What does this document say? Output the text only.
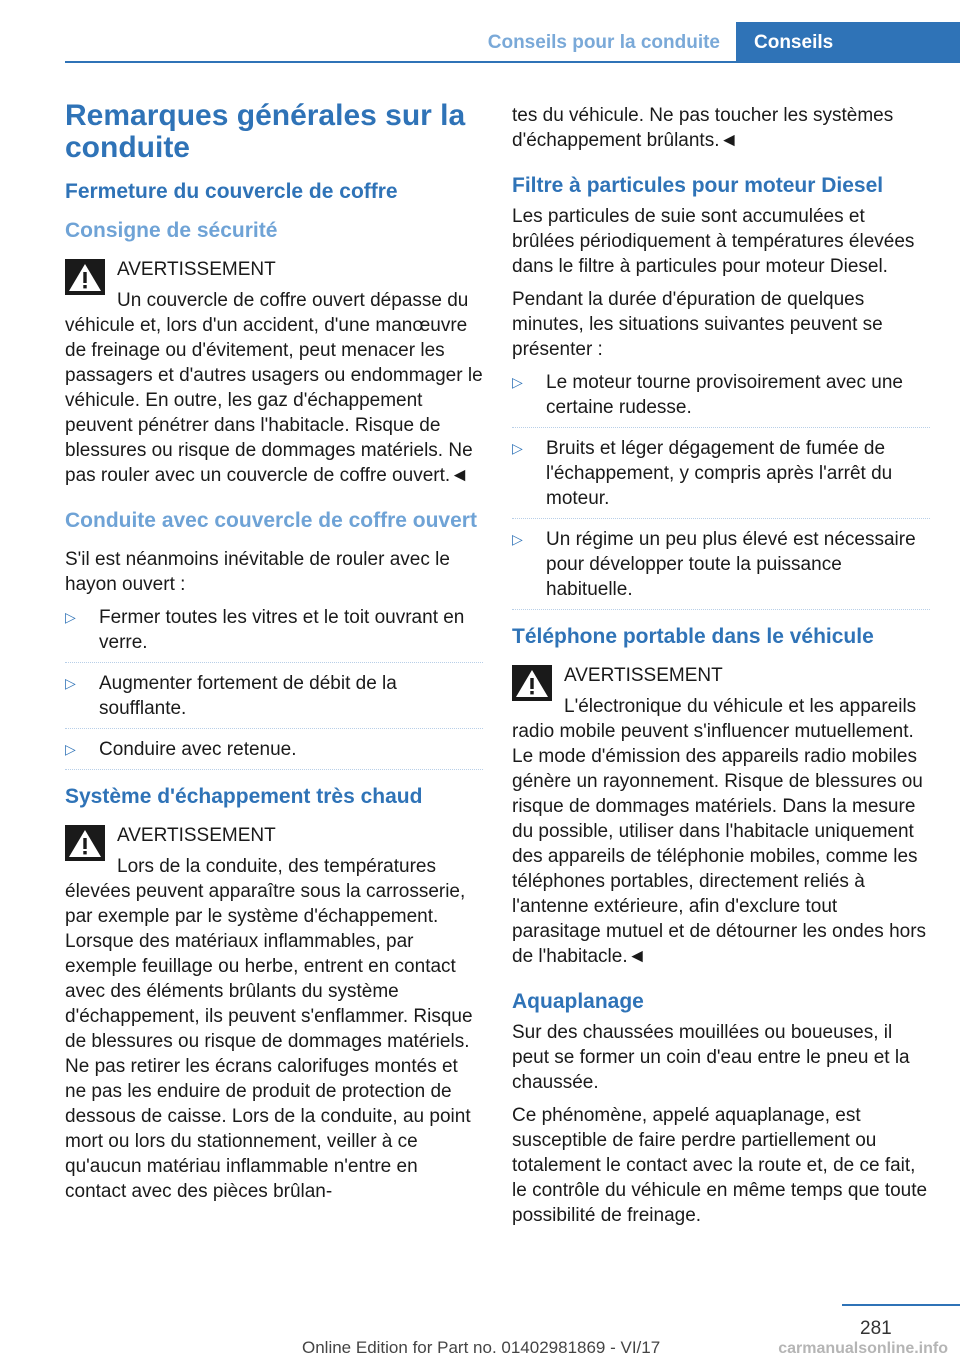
Conseils pour la conduite	Conseils
Remarques générales sur la conduite
Fermeture du couvercle de coffre
Consigne de sécurité
AVERTISSEMENT
Un couvercle de coffre ouvert dépasse du véhicule et, lors d'un accident, d'une manœuvre de freinage ou d'évitement, peut menacer les passagers et d'autres usagers ou endommager le véhicule. En outre, les gaz d'échappement peuvent pénétrer dans l'habitacle. Risque de blessures ou risque de dommages matériels. Ne pas rouler avec un couvercle de coffre ouvert.◄
Conduite avec couvercle de coffre ouvert

S'il est néanmoins inévitable de rouler avec le hayon ouvert :

▷ Fermer toutes les vitres et le toit ouvrant en verre.
▷ Augmenter fortement de débit de la soufflante.
▷ Conduire avec retenue.
Système d'échappement très chaud
AVERTISSEMENT
Lors de la conduite, des températures élevées peuvent apparaître sous la carrosserie, par exemple par le système d'échappement. Lorsque des matériaux inflammables, par exemple feuillage ou herbe, entrent en contact avec des éléments brûlants du système d'échappement, ils peuvent s'enflammer. Risque de blessures ou risque de dommages matériels. Ne pas retirer les écrans calorifuges montés et ne pas les enduire de produit de protection de dessous de caisse. Lors de la conduite, au point mort ou lors du stationnement, veiller à ce qu'aucun matériau inflammable n'entre en contact avec des pièces brûlan-

tes du véhicule. Ne pas toucher les systèmes d'échappement brûlants.◄

Filtre à particules pour moteur Diesel

Les particules de suie sont accumulées et brûlées périodiquement à températures élevées dans le filtre à particules pour moteur Diesel.

Pendant la durée d'épuration de quelques minutes, les situations suivantes peuvent se présenter :

▷ Le moteur tourne provisoirement avec une certaine rudesse.
▷ Bruits et léger dégagement de fumée de l'échappement, y compris après l'arrêt du moteur.
▷ Un régime un peu plus élevé est nécessaire pour développer toute la puissance habituelle.
Téléphone portable dans le véhicule
AVERTISSEMENT
L'électronique du véhicule et les appareils radio mobile peuvent s'influencer mutuellement. Le mode d'émission des appareils radio mobiles génère un rayonnement. Risque de blessures ou risque de dommages matériels. Dans la mesure du possible, utiliser dans l'habitacle uniquement des appareils de téléphonie mobiles, comme les téléphones portables, directement reliés à l'antenne extérieure, afin d'exclure tout parasitage mutuel et de détourner les ondes hors de l'habitacle.◄
Aquaplanage

Sur des chaussées mouillées ou boueuses, il peut se former un coin d'eau entre le pneu et la chaussée.

Ce phénomène, appelé aquaplanage, est susceptible de faire perdre partiellement ou totalement le contact avec la route et, de ce fait, le contrôle du véhicule en même temps que toute possibilité de freinage.

281
Online Edition for Part no. 01402981869 - VI/17	carmanualsonline.info
